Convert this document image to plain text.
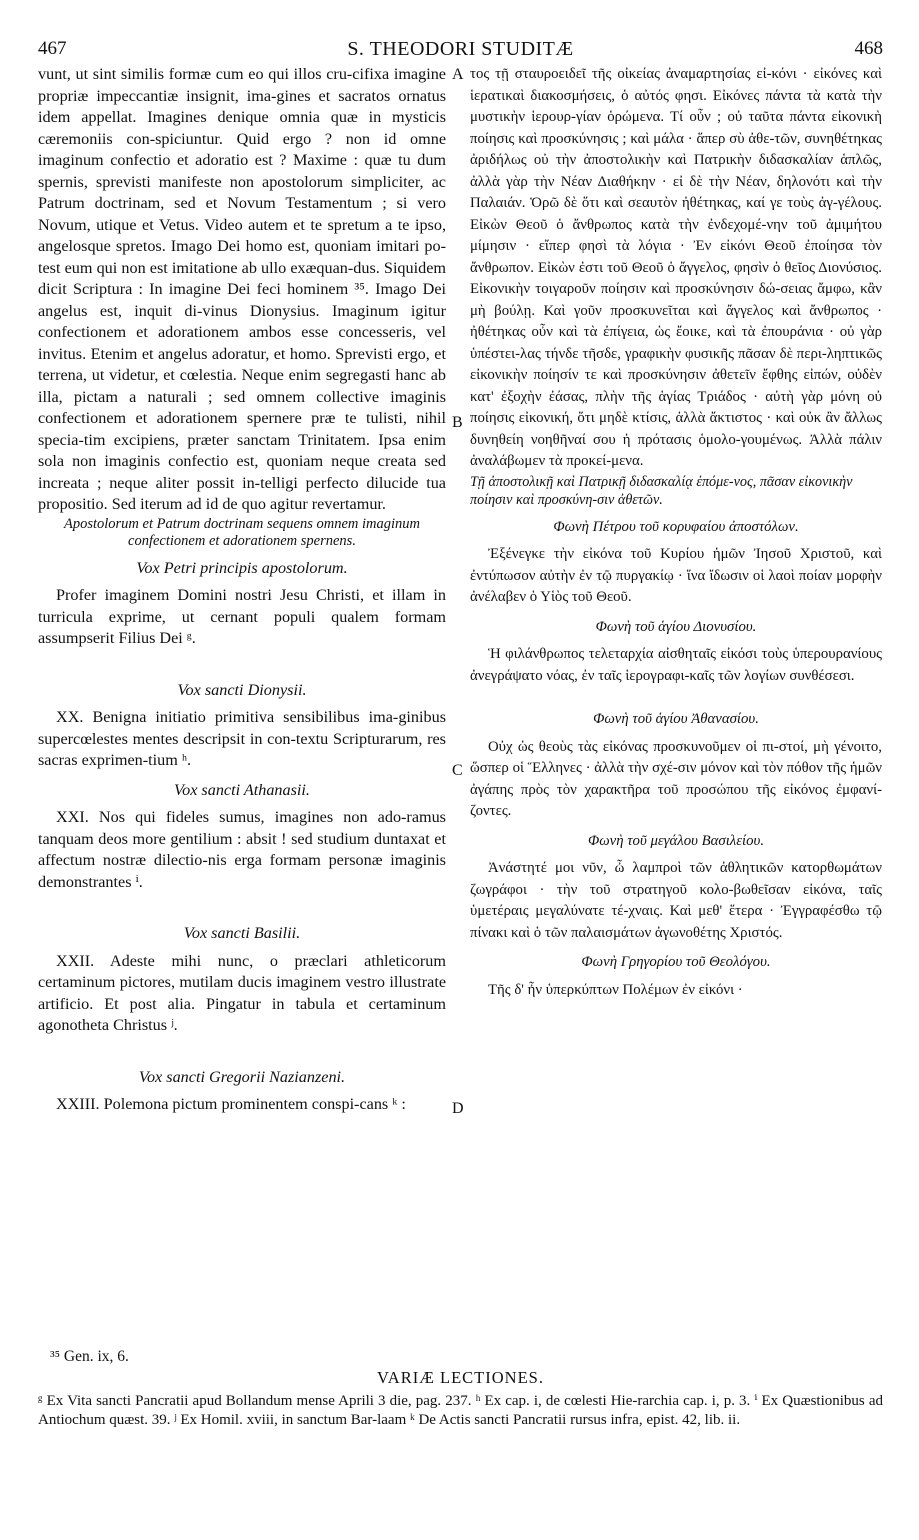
467	S. THEODORI STUDITÆ	468

vunt, ut sint similis formæ cum eo qui illos cru-cifixa imagine propriæ impeccantiæ insignit, ima-gines et sacratos ornatus idem appellat. Imagines denique omnia quæ in mysticis cæremoniis con-spiciuntur. Quid ergo ? non id omne imaginum confectio et adoratio est ? Maxime : quæ tu dum spernis, sprevisti manifeste non apostolorum simpliciter, ac Patrum doctrinam, sed et Novum Testamentum ; si vero Novum, utique et Vetus. Video autem et te spretum a te ipso, angelosque spretos. Imago Dei homo est, quoniam imitari po-test eum qui non est imitatione ab ullo exæquan-dus. Siquidem dicit Scriptura : In imagine Dei feci hominem ³⁵. Imago Dei angelus est, inquit di-vinus Dionysius. Imaginum igitur confectionem et adorationem ambos esse concesseris, vel invitus. Etenim et angelus adoratur, et homo. Sprevisti ergo, et terrena, ut videtur, et cœlestia. Neque enim segregasti hanc ab illa, pictam a naturali ; sed omnem collective imaginis confectionem et adorationem spernere præ te tulisti, nihil specia-tim excipiens, præter sanctam Trinitatem. Ipsa enim sola non imaginis confectio est, quoniam neque creata sed increata ; neque aliter possit in-telligi perfecto dilucide tua propositio. Sed iterum ad id de quo agitur revertamur.

Apostolorum et Patrum doctrinam sequens omnem imaginum confectionem et adorationem spernens.

Vox Petri principis apostolorum.

Profer imaginem Domini nostri Jesu Christi, et illam in turricula exprime, ut cernant populi qualem formam assumpserit Filius Dei ᵍ.

Vox sancti Dionysii.

XX. Benigna initiatio primitiva sensibilibus ima-ginibus supercœlestes mentes descripsit in con-textu Scripturarum, res sacras exprimen-tium ʰ.

Vox sancti Athanasii.

XXI. Nos qui fideles sumus, imagines non ado-ramus tanquam deos more gentilium : absit ! sed studium duntaxat et affectum nostræ dilectio-nis erga formam personæ imaginis demonstrantes ⁱ.

Vox sancti Basilii.

XXII. Adeste mihi nunc, o præclari athleticorum certaminum pictores, mutilam ducis imaginem vestro illustrate artificio. Et post alia. Pingatur in tabula et certaminum agonotheta Christus ʲ.

Vox sancti Gregorii Nazianzeni.

XXIII. Polemona pictum prominentem conspi-cans ᵏ :

A
B
C
D

τος τῇ σταυροειδεῖ τῆς οἰκείας ἀναμαρτησίας εἰ-κόνι · εἰκόνες καὶ ἱερατικαὶ διακοσμήσεις, ὁ αὐτός φησι. Εἰκόνες πάντα τὰ κατὰ τὴν μυστικὴν ἱερουρ-γίαν ὁρώμενα. Τί οὖν ; οὐ ταῦτα πάντα εἰκονικὴ ποίησις καὶ προσκύνησις ; καὶ μάλα · ἅπερ σὺ ἀθε-τῶν, συνηθέτηκας ἀριδήλως οὐ τὴν ἀποστολικὴν καὶ Πατρικὴν διδασκαλίαν ἁπλῶς, ἀλλὰ γὰρ τὴν Νέαν Διαθήκην · εἰ δὲ τὴν Νέαν, δηλονότι καὶ τὴν Παλαιάν. Ὁρῶ δὲ ὅτι καὶ σεαυτὸν ἠθέτηκας, καί γε τοὺς ἀγ-γέλους. Εἰκὼν Θεοῦ ὁ ἄνθρωπος κατὰ τὴν ἐνδεχομέ-νην τοῦ ἀμιμήτου μίμησιν · εἴπερ φησὶ τὰ λόγια · Ἐν εἰκόνι Θεοῦ ἐποίησα τὸν ἄνθρωπον. Εἰκὼν ἐστι τοῦ Θεοῦ ὁ ἄγγελος, φησὶν ὁ θεῖος Διονύσιος. Εἰκονικὴν τοιγαροῦν ποίησιν καὶ προσκύνησιν δώ-σειας ἄμφω, κἂν μὴ βούλῃ. Καὶ γοῦν προσκυνεῖται καὶ ἄγγελος καὶ ἄνθρωπος · ἠθέτηκας οὖν καὶ τὰ ἐπίγεια, ὡς ἔοικε, καὶ τὰ ἐπουράνια · οὐ γὰρ ὑπέστει-λας τήνδε τῆσδε, γραφικὴν φυσικῆς πᾶσαν δὲ περι-ληπτικῶς εἰκονικὴν ποίησίν τε καὶ προσκύνησιν ἀθετεῖν ἔφθης εἰπών, οὐδὲν κατ' ἐξοχὴν ἐάσας, πλὴν τῆς ἁγίας Τριάδος · αὐτὴ γὰρ μόνη οὐ ποίησις εἰκονική, ὅτι μηδὲ κτίσις, ἀλλὰ ἄκτιστος · καὶ οὐκ ἂν ἄλλως δυνηθείη νοηθῆναί σου ἡ πρότασις ὁμολο-γουμένως. Ἀλλὰ πάλιν ἀναλάβωμεν τὰ προκεί-μενα.

Τῇ ἀποστολικῇ καὶ Πατρικῇ διδασκαλίᾳ ἑπόμε-νος, πᾶσαν εἰκονικὴν ποίησιν καὶ προσκύνη-σιν ἀθετῶν.

Φωνὴ Πέτρου τοῦ κορυφαίου ἀποστόλων.

Ἐξένεγκε τὴν εἰκόνα τοῦ Κυρίου ἡμῶν Ἰησοῦ Χριστοῦ, καὶ ἐντύπωσον αὐτὴν ἐν τῷ πυργακίῳ · ἵνα ἴδωσιν οἱ λαοὶ ποίαν μορφὴν ἀνέλαβεν ὁ Υἱὸς τοῦ Θεοῦ.

Φωνὴ τοῦ ἁγίου Διονυσίου.

Ἡ φιλάνθρωπος τελεταρχία αἰσθηταῖς εἰκόσι τοὺς ὑπερουρανίους ἀνεγράψατο νόας, ἐν ταῖς ἱερογραφι-καῖς τῶν λογίων συνθέσεσι.

Φωνὴ τοῦ ἁγίου Ἀθανασίου.

Οὐχ ὡς θεοὺς τὰς εἰκόνας προσκυνοῦμεν οἱ πι-στοί, μὴ γένοιτο, ὥσπερ οἱ Ἕλληνες · ἀλλὰ τὴν σχέ-σιν μόνον καὶ τὸν πόθον τῆς ἡμῶν ἀγάπης πρὸς τὸν χαρακτῆρα τοῦ προσώπου τῆς εἰκόνος ἐμφανί-ζοντες.

Φωνὴ τοῦ μεγάλου Βασιλείου.

Ἀνάστητέ μοι νῦν, ὦ λαμπροὶ τῶν ἀθλητικῶν κατορθωμάτων ζωγράφοι · τὴν τοῦ στρατηγοῦ κολο-βωθεῖσαν εἰκόνα, ταῖς ὑμετέραις μεγαλύνατε τέ-χναις. Καὶ μεθ' ἕτερα · Ἐγγραφέσθω τῷ πίνακι καὶ ὁ τῶν παλαισμάτων ἀγωνοθέτης Χριστός.

Φωνὴ Γρηγορίου τοῦ Θεολόγου.

Τῆς δ' ἦν ὑπερκύπτων Πολέμων ἐν εἰκόνι ·

³⁵ Gen. ix, 6.
VARIÆ LECTIONES.
ᵍ Ex Vita sancti Pancratii apud Bollandum mense Aprili 3 die, pag. 237. ʰ Ex cap. i, de cœlesti Hie-rarchia cap. i, p. 3. ⁱ Ex Quæstionibus ad Antiochum quæst. 39. ʲ Ex Homil. xviii, in sanctum Bar-laam ᵏ De Actis sancti Pancratii rursus infra, epist. 42, lib. ii.
